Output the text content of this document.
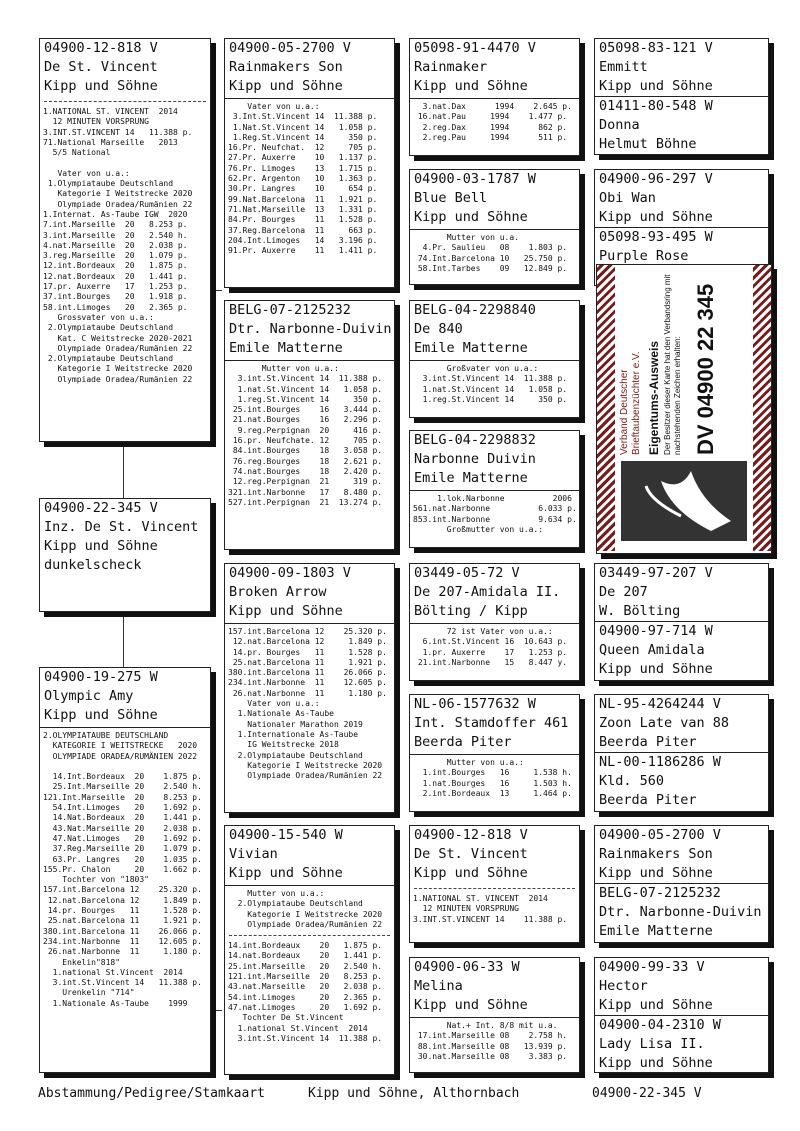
04900-12-818 V
De St. Vincent
Kipp und Söhne
1.NATIONAL ST. VINCENT  2014
12 MINUTEN VORSPRUNG
3.INT.ST.VINCENT 14   11.388 p.
71.National Marseille   2013
5/5 National

Vater von u.a.:
1.Olympiataube Deutschland
Kategorie I Weitstrecke 2020
Olympiade Oradea/Rumänien 22
1.Internat. As-Taube IGW  2020
7.int.Marseille  20   8.253 p.
3.int.Marseille  20   2.540 h.
4.nat.Marseille  20   2.038 p.
3.reg.Marseille  20   1.079 p.
12.int.Bordeaux  20   1.875 p.
12.nat.Bordeaux  20   1.441 p.
17.pr. Auxerre   17   1.253 p.
37.int.Bourges   20   1.918 p.
58.int.Limoges   20   2.365 p.
Grossvater von u.a.:
2.Olympiataube Deutschland
Kat. C Weitstrecke 2020-2021
Olympiade Oradea/Rumänien 22
2.Olympiataube Deutschland
Kategorie I Weitstrecke 2020
Olympiade Oradea/Rumänien 22
04900-22-345 V
Inz. De St. Vincent
Kipp und Söhne
dunkelscheck
04900-19-275 W
Olympic Amy
Kipp und Söhne
2.OLYMPIATAUBE DEUTSCHLAND
KATEGORIE I WEITSTRECKE   2020
OLYMPIADE ORADEA/RUMÄNIEN 2022

14.Int.Bordeaux  20    1.875 p.
25.Int.Marseille 20    2.540 h.
121.Int.Marseille  20    8.253 p.
54.Int.Limoges   20    1.692 p.
14.Nat.Bordeaux  20    1.441 p.
43.Nat.Marseille 20    2.038 p.
47.Nat.Limoges   20    1.692 p.
37.Reg.Marseille 20    1.079 p.
63.Pr. Langres   20    1.035 p.
155.Pr. Chalon     20    1.662 p.
Tochter von "1803"
157.int.Barcelona 12    25.320 p.
12.nat.Barcelona 12     1.849 p.
14.pr. Bourges   11     1.528 p.
25.nat.Barcelona 11     1.921 p.
380.int.Barcelona 11    26.066 p.
234.int.Narbonne  11    12.605 p.
26.nat.Narbonne  11     1.180 p.
Enkelin"818"
1.national St.Vincent  2014
3.int.St.Vincent 14   11.388 p.
Urenkelin "714"
1.Nationale As-Taube    1999
04900-05-2700 V
Rainmakers Son
Kipp und Söhne
Vater von u.a.:
3.Int.St.Vincent 14  11.388 p.
1.Nat.St.Vincent 14   1.058 p.
1.Reg.St.Vincent 14     350 p.
16.Pr. Neufchat.  12     705 p.
27.Pr. Auxerre    10   1.137 p.
76.Pr. Limoges    13   1.715 p.
62.Pr. Argenton   10   1.363 p.
30.Pr. Langres    10     654 p.
99.Nat.Barcelona  11   1.921 p.
71.Nat.Marseille  13   1.331 p.
84.Pr. Bourges    11   1.528 p.
37.Reg.Barcelona  11     663 p.
204.Int.Limoges   14   3.196 p.
91.Pr. Auxerre    11   1.411 p.
BELG-07-2125232
Dtr. Narbonne-Duivin
Emile Matterne
Mutter von u.a.:
3.int.St.Vincent 14  11.388 p.
1.nat.St.Vincent 14   1.058 p.
1.reg.St.Vincent 14     350 p.
25.int.Bourges    16   3.444 p.
21.nat.Bourges    16   2.296 p.
9.reg.Perpignan  20     416 p.
16.pr. Neufchate. 12     705 p.
84.int.Bourges    18   3.058 p.
76.reg.Bourges    18   2.621 p.
74.nat.Bourges    18   2.420 p.
12.reg.Perpignan  21     319 p.
321.int.Narbonne   17   8.480 p.
527.int.Perpignan  21  13.274 p.
04900-09-1803 V
Broken Arrow
Kipp und Söhne
157.int.Barcelona 12    25.320 p.
12.nat.Barcelona 12     1.849 p.
14.pr. Bourges   11     1.528 p.
25.nat.Barcelona 11     1.921 p.
380.int.Barcelona 11    26.066 p.
234.int.Narbonne  11    12.605 p.
26.nat.Narbonne  11     1.180 p.
Vater von u.a.:
1.Nationale As-Taube
Nationaler Marathon 2019
1.Internationale As-Taube
IG Weitstrecke 2018
2.Olympiataube Deutschland
Kategorie I Weitstrecke 2020
Olympiade Oradea/Rumänien 22
04900-15-540 W
Vivian
Kipp und Söhne
Mutter von u.a.:
2.Olympiataube Deutschland
Kategorie I Weitstrecke 2020
Olympiade Oradea/Rumänien 22
14.int.Bordeaux    20   1.875 p.
14.nat.Bordeaux    20   1.441 p.
25.int.Marseille   20   2.540 h.
121.int.Marseille  20   8.253 p.
43.nat.Marseille   20   2.038 p.
54.int.Limoges     20   2.365 p.
47.nat.Limoges     20   1.692 p.
Tochter De St.Vincent
1.national St.Vincent  2014
3.int.St.Vincent 14  11.388 p.
05098-91-4470 V
Rainmaker
Kipp und Söhne
3.nat.Dax      1994    2.645 p.
16.nat.Pau     1994    1.477 p.
2.reg.Dax     1994      862 p.
2.reg.Pau     1994      511 p.
04900-03-1787 W
Blue Bell
Kipp und Söhne
Mutter von u.a.
4.Pr. Saulieu   08    1.803 p.
74.Int.Barcelona 10   25.750 p.
58.Int.Tarbes    09   12.849 p.
BELG-04-2298840
De 840
Emile Matterne
Großvater von u.a.:
3.int.St.Vincent 14  11.388 p.
1.nat.St.Vincent 14   1.058 p.
1.reg.St.Vincent 14     350 p.
BELG-04-2298832
Narbonne Duivin
Emile Matterne
1.lok.Narbonne          2006
561.nat.Narbonne          6.033 p.
853.int.Narbonne          9.634 p.
Großmutter von u.a.:
03449-05-72 V
De 207-Amidala II.
Bölting / Kipp
72 ist Vater von u.a.:
6.int.St.Vincent 16  10.643 p.
1.pr. Auxerre    17   1.253 p.
21.int.Narbonne   15   8.447 y.
NL-06-1577632 W
Int. Stamdoffer 461
Beerda Piter
Mutter von u.a.:
1.int.Bourges   16     1.538 h.
1.nat.Bourges   16     1.503 h.
2.int.Bordeaux  13     1.464 p.
04900-12-818 V
De St. Vincent
Kipp und Söhne
1.NATIONAL ST. VINCENT  2014
12 MINUTEN VORSPRUNG
3.INT.ST.VINCENT 14    11.388 p.
04900-06-33 W
Melina
Kipp und Söhne
Nat.+ Int. 8/8 mit u.a.
17.int.Marseille 08    2.758 h.
88.int.Marseille 08   13.939 p.
30.nat.Marseille 08    3.383 p.
05098-83-121 V
Emmitt
Kipp und Söhne
01411-80-548 W
Donna
Helmut Böhne
04900-96-297 V
Obi Wan
Kipp und Söhne
05098-93-495 W
Purple Rose
Verband Deutscher
Brieftaubenzüchter e.V. Eigentums-Ausweis Der Besitzer dieser Karte hat den Verbandsring mit nachstehenden Zeichen erhalten: DV 04900 22 345
03449-97-207 V
De 207
W. Bölting
04900-97-714 W
Queen Amidala
Kipp und Söhne
NL-95-4264244 V
Zoon Late van 88
Beerda Piter
NL-00-1186286 W
Kld. 560
Beerda Piter
04900-05-2700 V
Rainmakers Son
Kipp und Söhne
BELG-07-2125232
Dtr. Narbonne-Duivin
Emile Matterne
04900-99-33 V
Hector
Kipp und Söhne
04900-04-2310 W
Lady Lisa II.
Kipp und Söhne
Abstammung/Pedigree/Stamkaart	Kipp und Söhne, Althornbach	04900-22-345 V
